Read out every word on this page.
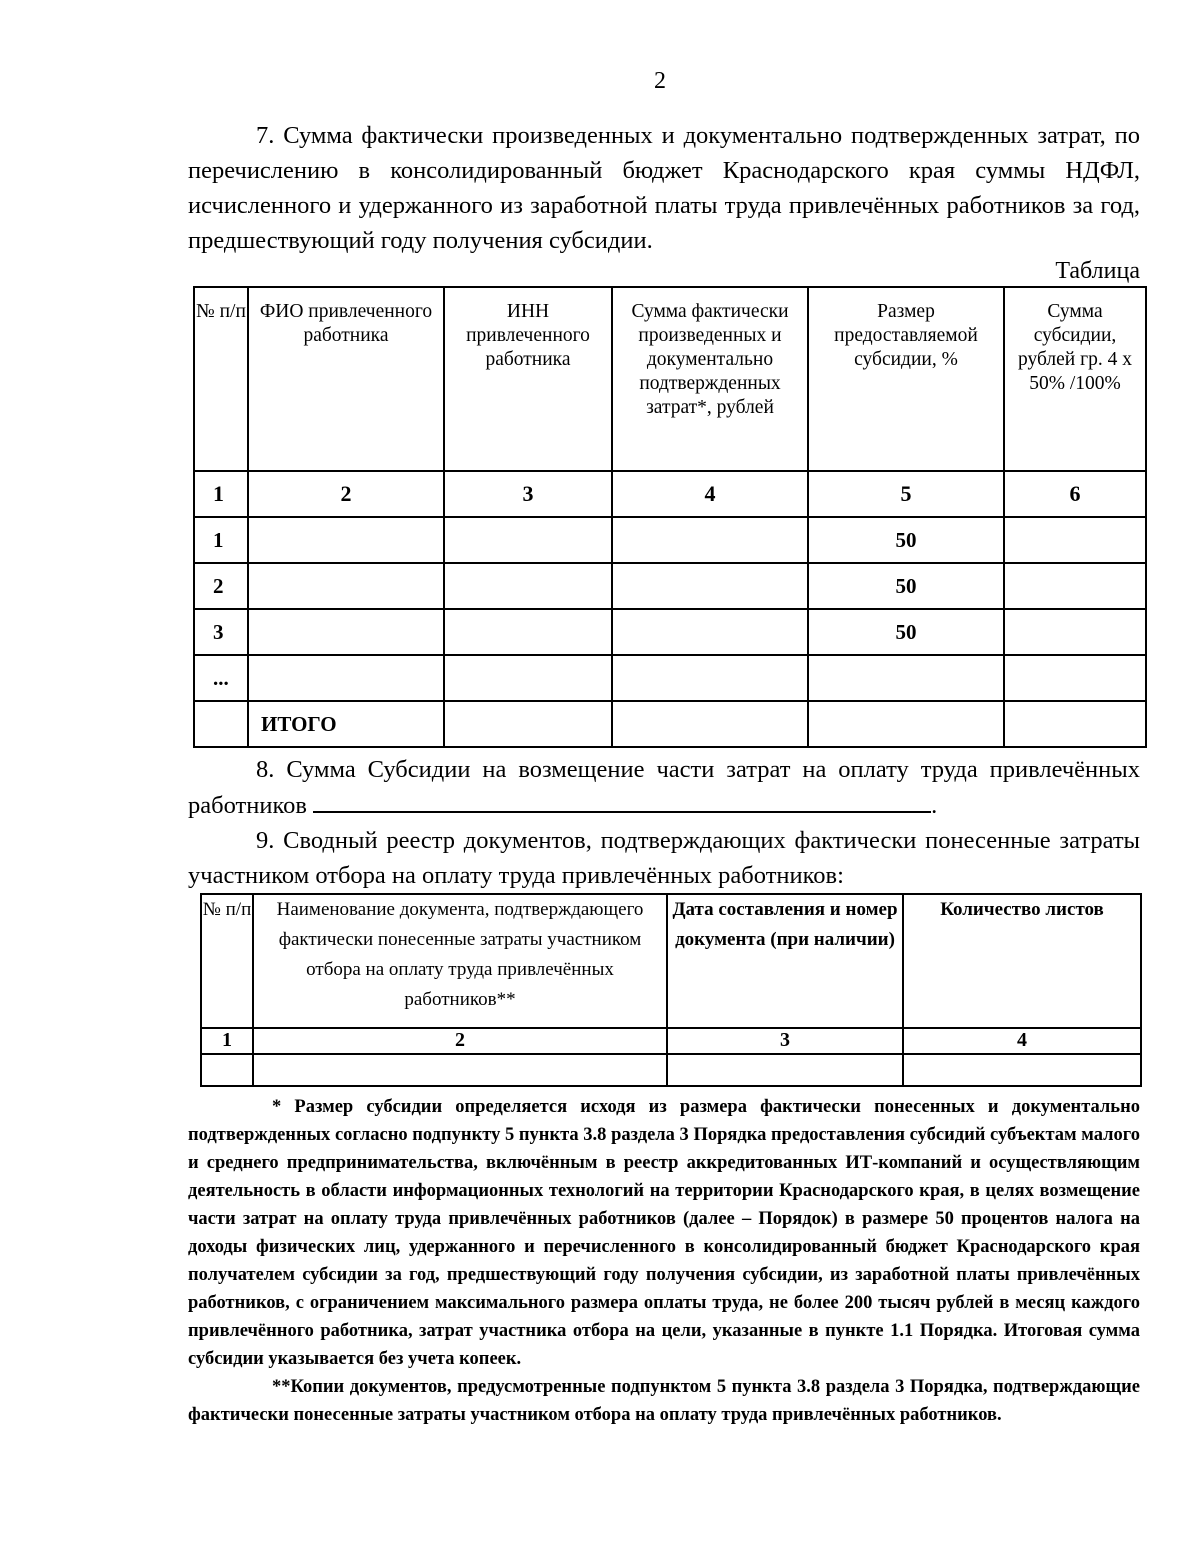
2

7. Сумма фактически произведенных и документально подтвержденных затрат, по перечислению в консолидированный бюджет Краснодарского края суммы НДФЛ, исчисленного и удержанного из заработной платы труда привлечённых работников за год, предшествующий году получения субсидии.

Таблица

№ п/п	ФИО привлеченного работника	ИНН привлеченного работника	Сумма фактически произведенных и документально подтвержденных затрат*, рублей	Размер предоставляемой субсидии, %	Сумма субсидии, рублей гр. 4 х 50% /100%
1	2	3	4	5	6
1				50	
2				50	
3				50	
...					
	ИТОГО				

8. Сумма Субсидии на возмещение части затрат на оплату труда привлечённых работников	.

9. Сводный реестр документов, подтверждающих фактически понесенные затраты участником отбора на оплату труда привлечённых работников:

№ п/п	Наименование документа, подтверждающего фактически понесенные затраты участником отбора на оплату труда привлечённых работников**	Дата составления и номер документа (при наличии)	Количество листов
1	2	3	4

* Размер субсидии определяется исходя из размера фактически понесенных и документально подтвержденных согласно подпункту 5 пункта 3.8 раздела 3 Порядка предоставления субсидий субъектам малого и среднего предпринимательства, включённым в реестр аккредитованных ИТ-компаний и осуществляющим деятельность в области информационных технологий на территории Краснодарского края, в целях возмещение части затрат на оплату труда привлечённых работников (далее – Порядок) в размере 50 процентов налога на доходы физических лиц, удержанного и перечисленного в консолидированный бюджет Краснодарского края получателем субсидии за год, предшествующий году получения субсидии, из заработной платы привлечённых работников, с ограничением максимального размера оплаты труда, не более 200 тысяч рублей в месяц каждого привлечённого работника, затрат участника отбора на цели, указанные в пункте 1.1 Порядка. Итоговая сумма субсидии указывается без учета копеек.

**Копии документов, предусмотренные подпунктом 5 пункта 3.8 раздела 3 Порядка, подтверждающие фактически понесенные затраты участником отбора на оплату труда привлечённых работников.
